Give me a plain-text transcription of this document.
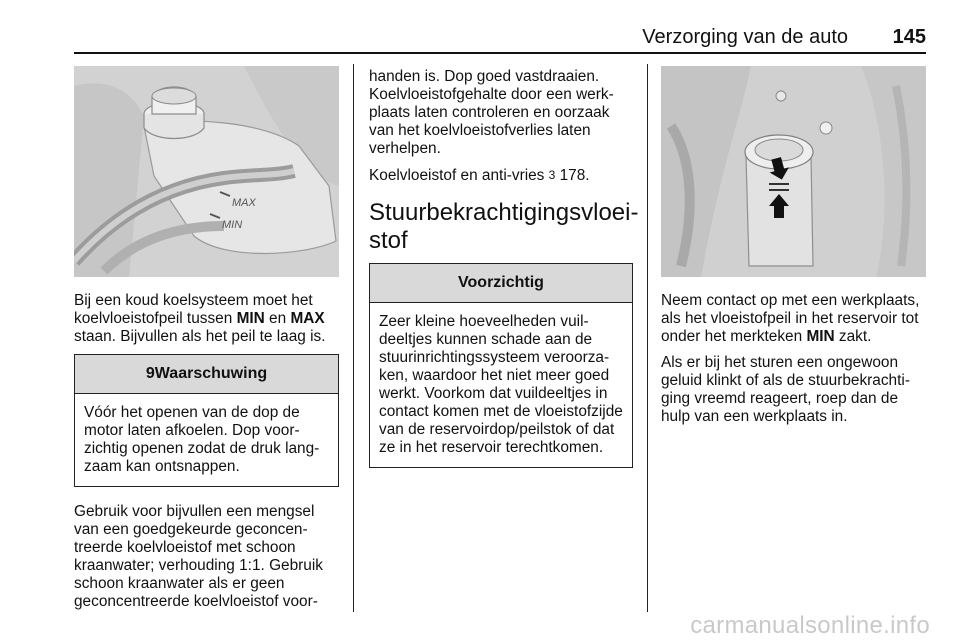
Verzorging van de auto 145
MAX
MIN

Bij een koud koelsysteem moet het koelvloeistofpeil tussen MIN en MAX staan. Bijvullen als het peil te laag is.

9Waarschuwing
Vóór het openen van de dop de motor laten afkoelen. Dop voorzichtig openen zodat de druk langzaam kan ontsnappen.

Gebruik voor bijvullen een mengsel van een goedgekeurde geconcentreerde koelvloeistof met schoon kraanwater; verhouding 1:1. Gebruik schoon kraanwater als er geen geconcentreerde koelvloeistof voor-

handen is. Dop goed vastdraaien. Koelvloeistofgehalte door een werkplaats laten controleren en oorzaak van het koelvloeistofverlies laten verhelpen.

Koelvloeistof en anti-vries 3 178.

Stuurbekrachtigingsvloeistof
Voorzichtig
Zeer kleine hoeveelheden vuildeeltjes kunnen schade aan de stuurinrichtingssysteem veroorzaken, waardoor het niet meer goed werkt. Voorkom dat vuildeeltjes in contact komen met de vloeistofzijde van de reservoirdop/peilstok of dat ze in het reservoir terechtkomen.

Neem contact op met een werkplaats, als het vloeistofpeil in het reservoir tot onder het merkteken MIN zakt.

Als er bij het sturen een ongewoon geluid klinkt of als de stuurbekrachtiging vreemd reageert, roep dan de hulp van een werkplaats in.

carmanualsonline.info
